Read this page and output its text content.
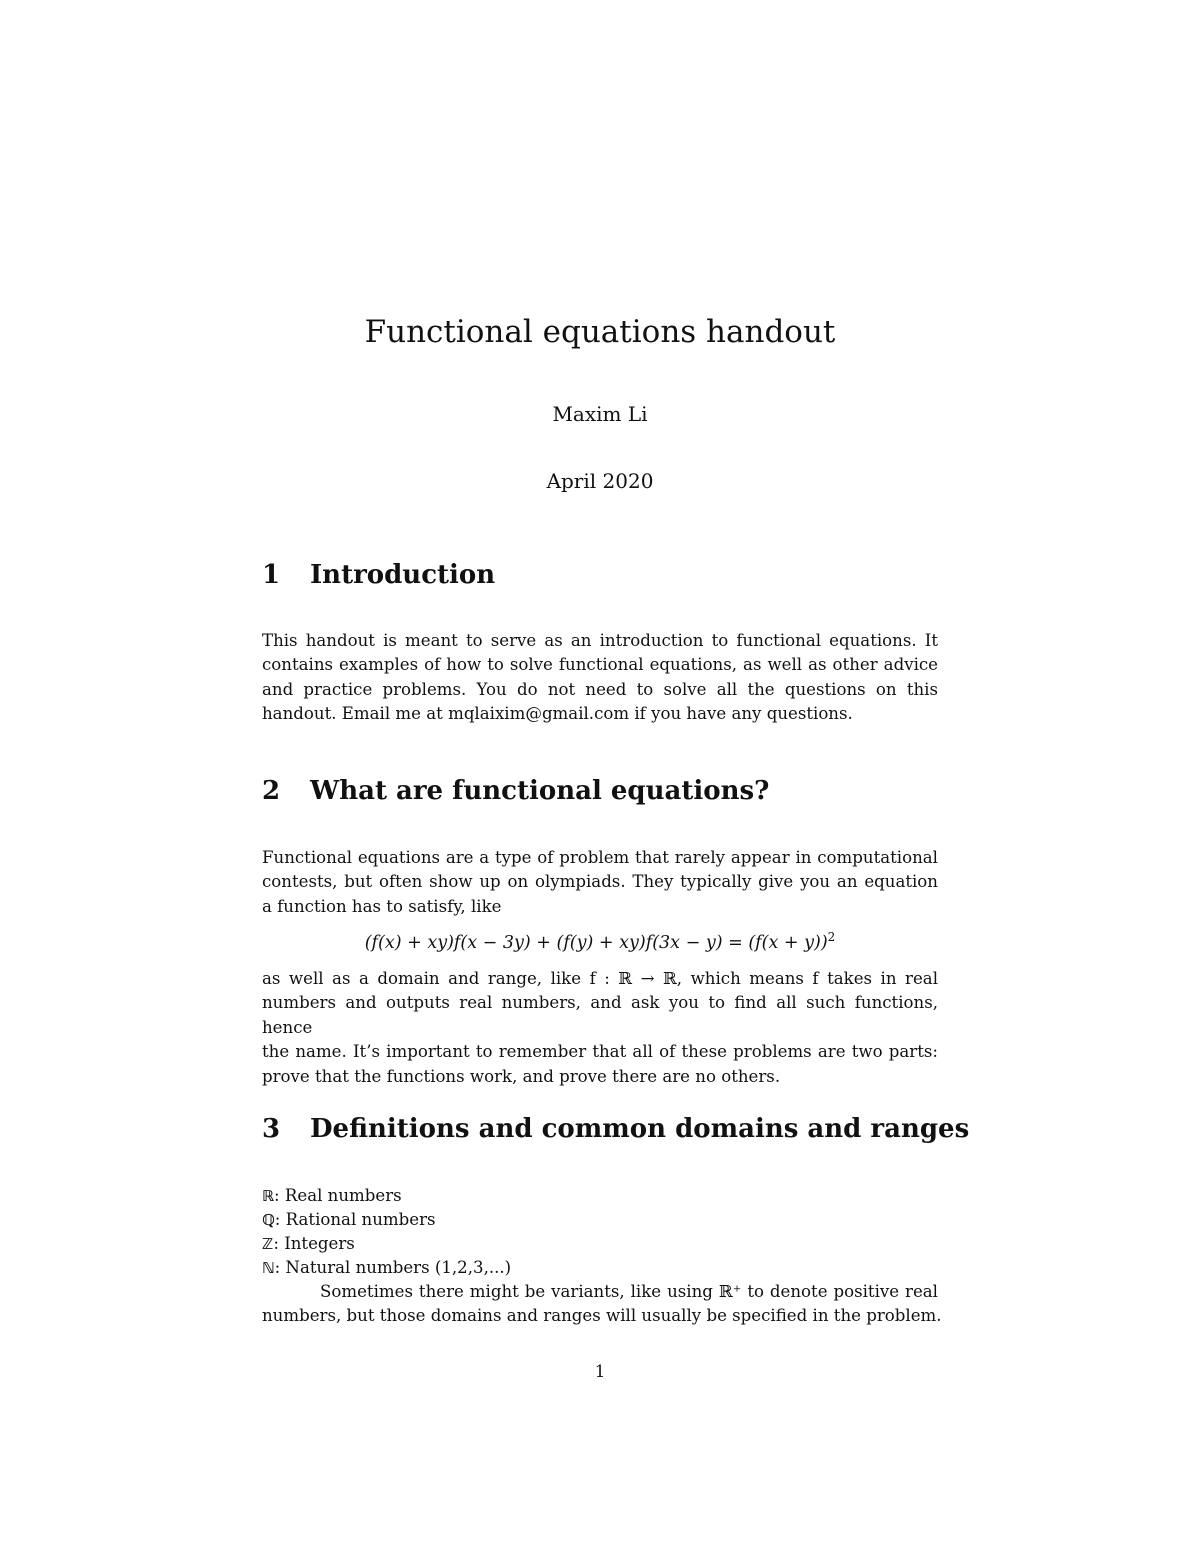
Functional equations handout
Maxim Li
April 2020
1 Introduction

This handout is meant to serve as an introduction to functional equations. It
contains examples of how to solve functional equations, as well as other advice
and practice problems. You do not need to solve all the questions on this
handout. Email me at mqlaixim@gmail.com if you have any questions.

2 What are functional equations?

Functional equations are a type of problem that rarely appear in computational
contests, but often show up on olympiads. They typically give you an equation
a function has to satisfy, like

$(f(x) + xy)f(x - 3y) + (f(y) + xy)f(3x - y) = (f(x + y))^2$

as well as a domain and range, like f : ℝ → ℝ, which means f takes in real
numbers and outputs real numbers, and ask you to find all such functions, hence
the name. It’s important to remember that all of these problems are two parts:
prove that the functions work, and prove there are no others.

3 Definitions and common domains and ranges
ℝ: Real numbers
ℚ: Rational numbers
ℤ: Integers
ℕ: Natural numbers (1,2,3,...)

Sometimes there might be variants, like using ℝ⁺ to denote positive real
numbers, but those domains and ranges will usually be specified in the problem.

1
